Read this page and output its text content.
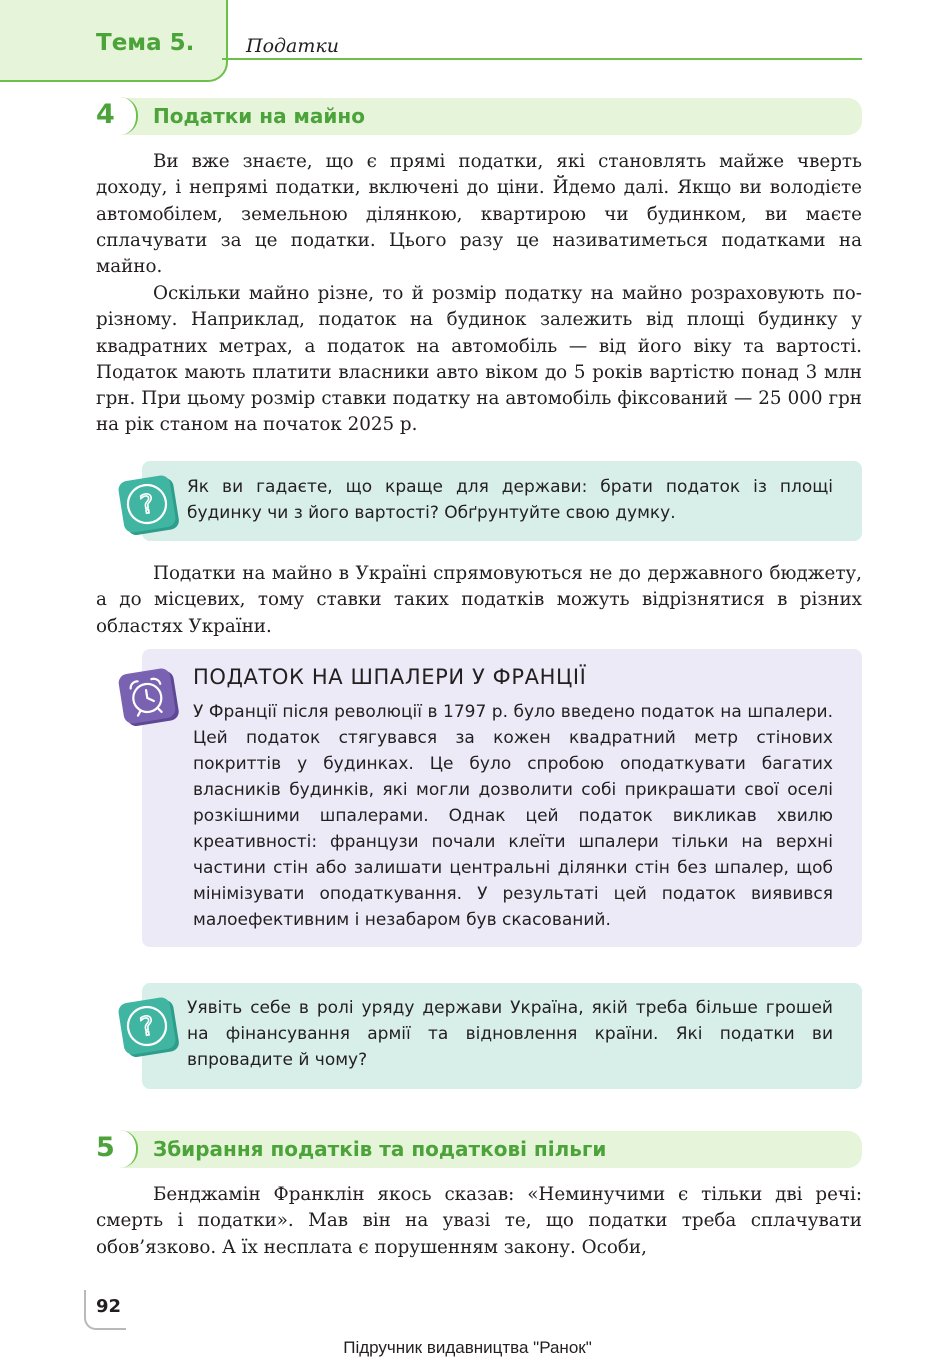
Тема 5.	Податки
4 Податки на майно

Ви вже знаєте, що є прямі податки, які становлять майже чверть доходу, і непрямі податки, включені до ціни. Йдемо далі. Якщо ви володієте автомобілем, земельною ділянкою, квартирою чи будинком, ви маєте сплачувати за це податки. Цього разу це називатиметься податками на майно.

Оскільки майно різне, то й розмір податку на майно розраховують по-різному. Наприклад, податок на будинок залежить від площі будинку у квадратних метрах, а податок на автомобіль — від його віку та вартості. Податок мають платити власники авто віком до 5 років вартістю понад 3 млн грн. При цьому розмір ставки податку на автомобіль фіксований — 25 000 грн на рік станом на початок 2025 р.

?

Як ви гадаєте, що краще для держави: брати податок із площі будинку чи з його вартості? Обґрунтуйте свою думку.

Податки на майно в Україні спрямовуються не до державного бюджету, а до місцевих, тому ставки таких податків можуть відрізнятися в різних областях України.

ПОДАТОК НА ШПАЛЕРИ У ФРАНЦІЇ

У Франції після революції в 1797 р. було введено податок на шпалери. Цей податок стягувався за кожен квадратний метр стінових покриттів у будинках. Це було спробою оподаткувати багатих власників будинків, які могли дозволити собі прикрашати свої оселі розкішними шпалерами. Однак цей податок викликав хвилю креативності: французи почали клеїти шпалери тільки на верхні частини стін або залишати центральні ділянки стін без шпалер, щоб мінімізувати оподаткування. У результаті цей податок виявився малоефективним і незабаром був скасований.

?

Уявіть себе в ролі уряду держави Україна, якій треба більше грошей на фінансування армії та відновлення країни. Які податки ви впровадите й чому?

5 Збирання податків та податкові пільги

Бенджамін Франклін якось сказав: «Неминучими є тільки дві речі: смерть і податки». Мав він на увазі те, що податки треба сплачувати обов’язково. А їх несплата є порушенням закону. Особи,

92
Підручник видавництва "Ранок"
